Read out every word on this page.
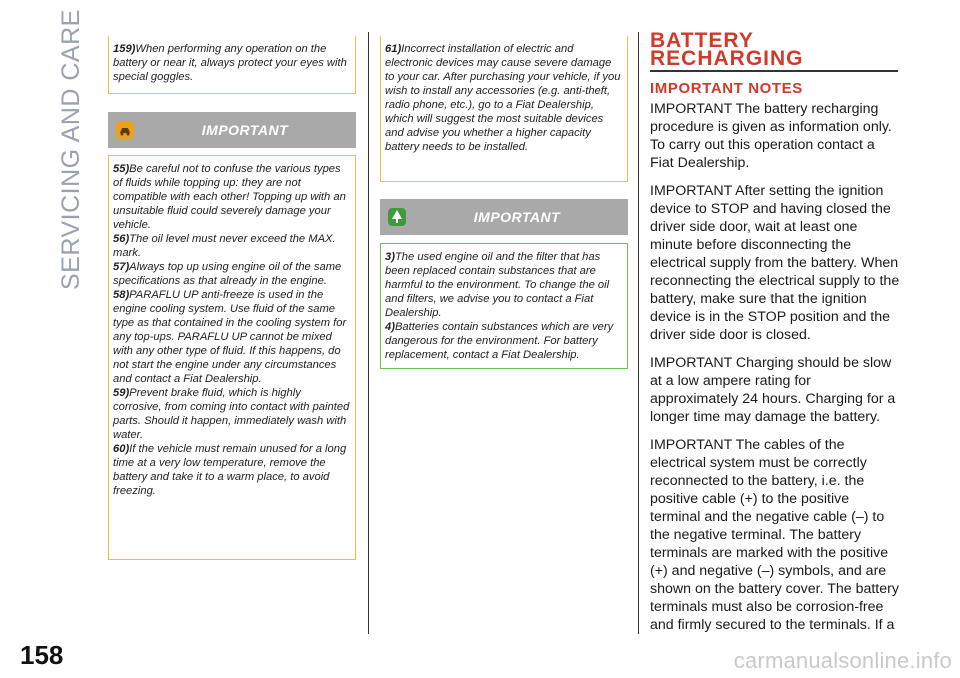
SERVICING AND CARE	159)When performing any operation on the battery or near it, always protect your eyes with special goggles.

IMPORTANT

55)Be careful not to confuse the various types of fluids while topping up: they are not compatible with each other! Topping up with an unsuitable fluid could severely damage your vehicle.

56)The oil level must never exceed the MAX. mark.

57)Always top up using engine oil of the same specifications as that already in the engine.

58)PARAFLU UP anti-freeze is used in the engine cooling system. Use fluid of the same type as that contained in the cooling system for any top-ups. PARAFLU UP cannot be mixed with any other type of fluid. If this happens, do not start the engine under any circumstances and contact a Fiat Dealership.

59)Prevent brake fluid, which is highly corrosive, from coming into contact with painted parts. Should it happen, immediately wash with water.

60)If the vehicle must remain unused for a long time at a very low temperature, remove the battery and take it to a warm place, to avoid freezing.

61)Incorrect installation of electric and electronic devices may cause severe damage to your car. After purchasing your vehicle, if you wish to install any accessories (e.g. anti-theft, radio phone, etc.), go to a Fiat Dealership, which will suggest the most suitable devices and advise you whether a higher capacity battery needs to be installed.

IMPORTANT

3)The used engine oil and the filter that has been replaced contain substances that are harmful to the environment. To change the oil and filters, we advise you to contact a Fiat Dealership.

4)Batteries contain substances which are very dangerous for the environment. For battery replacement, contact a Fiat Dealership.

BATTERY
RECHARGING
IMPORTANT NOTES

IMPORTANT The battery recharging procedure is given as information only. To carry out this operation contact a Fiat Dealership.

IMPORTANT After setting the ignition device to STOP and having closed the driver side door, wait at least one minute before disconnecting the electrical supply from the battery. When reconnecting the electrical supply to the battery, make sure that the ignition device is in the STOP position and the driver side door is closed.

IMPORTANT Charging should be slow at a low ampere rating for approximately 24 hours. Charging for a longer time may damage the battery.

IMPORTANT The cables of the electrical system must be correctly reconnected to the battery, i.e. the positive cable (+) to the positive terminal and the negative cable (–) to the negative terminal. The battery terminals are marked with the positive (+) and negative (–) symbols, and are shown on the battery cover. The battery terminals must also be corrosion-free and firmly secured to the terminals. If a

158	carmanualsonline.info
